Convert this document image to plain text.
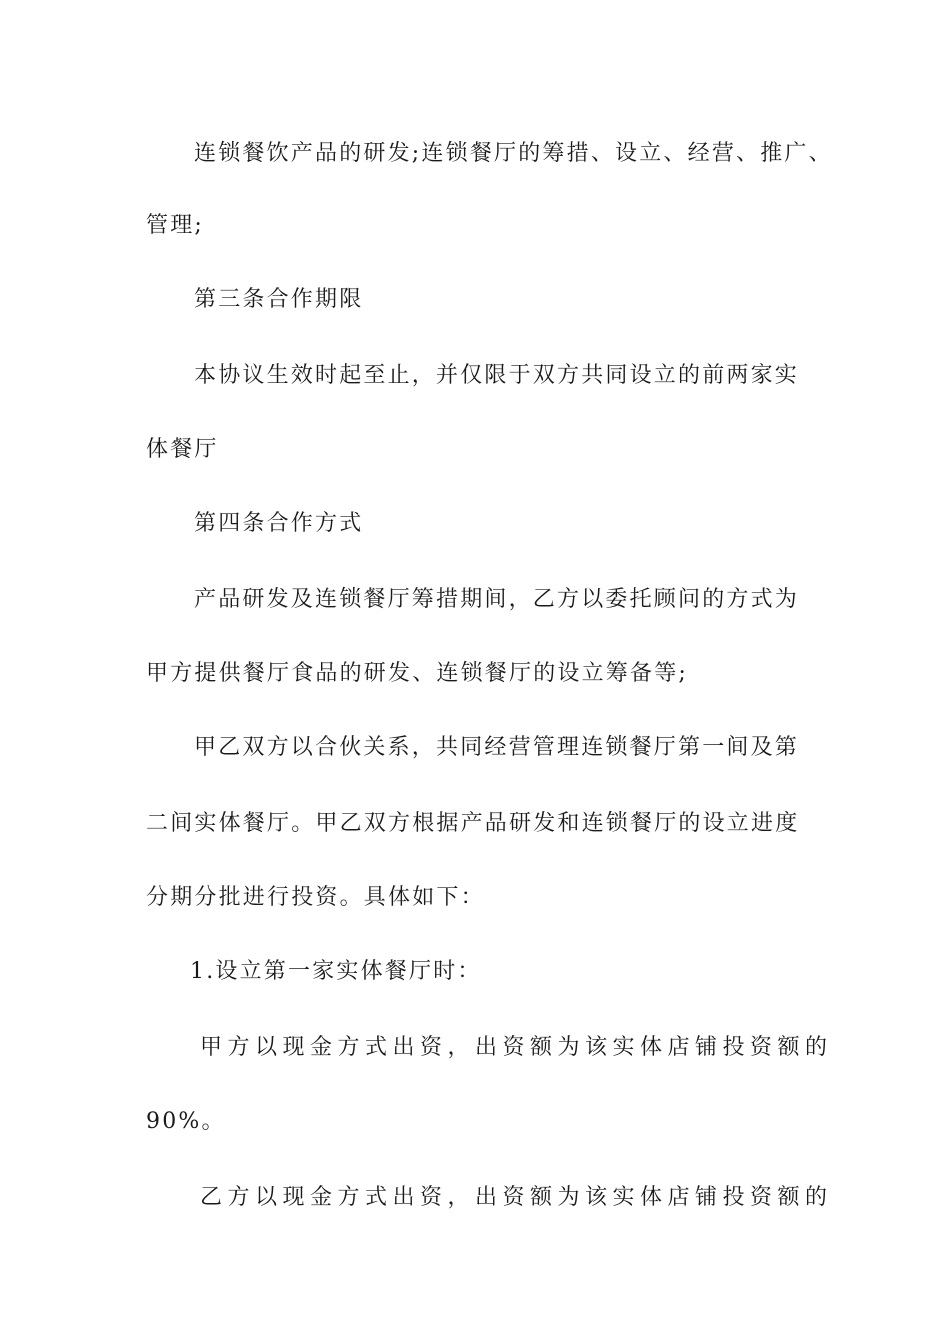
连锁餐饮产品的研发;连锁餐厅的筹措、设立、经营、推广、
管理;
第三条合作期限
本协议生效时起至止，并仅限于双方共同设立的前两家实
体餐厅
第四条合作方式
产品研发及连锁餐厅筹措期间，乙方以委托顾问的方式为
甲方提供餐厅食品的研发、连锁餐厅的设立筹备等;
甲乙双方以合伙关系，共同经营管理连锁餐厅第一间及第
二间实体餐厅。甲乙双方根据产品研发和连锁餐厅的设立进度
分期分批进行投资。具体如下：
1.设立第一家实体餐厅时：
甲方以现金方式出资，出资额为该实体店铺投资额的
90%。
乙方以现金方式出资，出资额为该实体店铺投资额的
